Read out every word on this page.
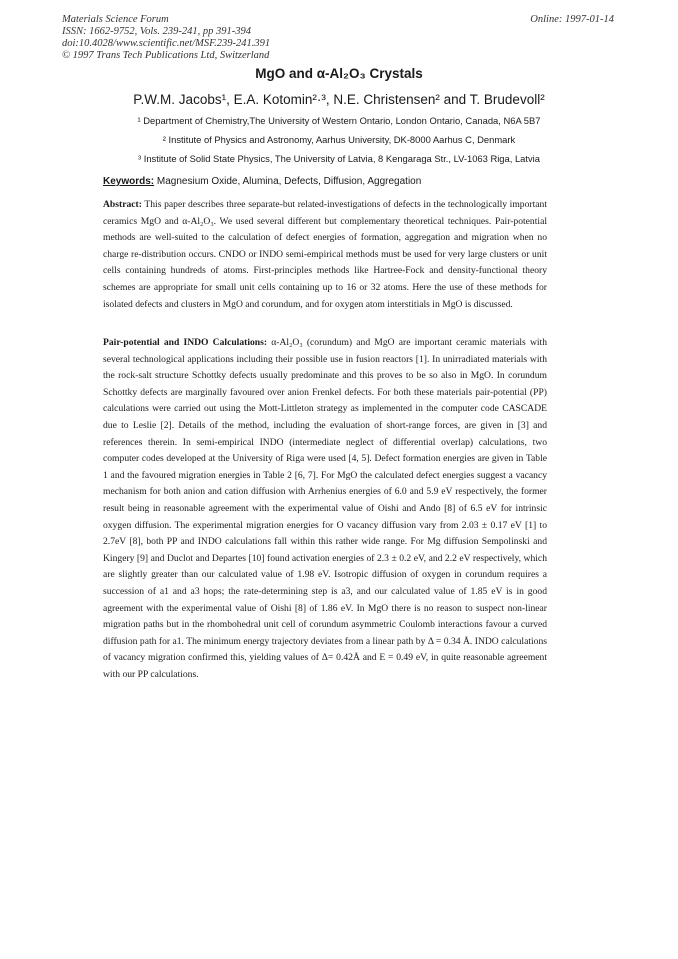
Materials Science Forum
ISSN: 1662-9752, Vols. 239-241, pp 391-394
doi:10.4028/www.scientific.net/MSF.239-241.391
© 1997 Trans Tech Publications Ltd, Switzerland
Online: 1997-01-14
MgO and α-Al₂O₃ Crystals
P.W.M. Jacobs¹, E.A. Kotomin²·³, N.E. Christensen² and T. Brudevoll²
¹ Department of Chemistry,The University of Western Ontario, London Ontario, Canada, N6A 5B7
² Institute of Physics and Astronomy, Aarhus University, DK-8000 Aarhus C, Denmark
³ Institute of Solid State Physics, The University of Latvia, 8 Kengaraga Str., LV-1063 Riga, Latvia
Keywords: Magnesium Oxide, Alumina, Defects, Diffusion, Aggregation
Abstract: This paper describes three separate-but related-investigations of defects in the technologically important ceramics MgO and α-Al₂O₃. We used several different but complementary theoretical techniques. Pair-potential methods are well-suited to the calculation of defect energies of formation, aggregation and migration when no charge re-distribution occurs. CNDO or INDO semi-empirical methods must be used for very large clusters or unit cells containing hundreds of atoms. First-principles methods like Hartree-Fock and density-functional theory schemes are appropriate for small unit cells containing up to 16 or 32 atoms. Here the use of these methods for isolated defects and clusters in MgO and corundum, and for oxygen atom interstitials in MgO is discussed.
Pair-potential and INDO Calculations: α-Al₂O₃ (corundum) and MgO are important ceramic materials with several technological applications including their possible use in fusion reactors [1]. In unirradiated materials with the rock-salt structure Schottky defects usually predominate and this proves to be so also in MgO. In corundum Schottky defects are marginally favoured over anion Frenkel defects. For both these materials pair-potential (PP) calculations were carried out using the Mott-Littleton strategy as implemented in the computer code CASCADE due to Leslie [2]. Details of the method, including the evaluation of short-range forces, are given in [3] and references therein. In semi-empirical INDO (intermediate neglect of differential overlap) calculations, two computer codes developed at the University of Riga were used [4, 5]. Defect formation energies are given in Table 1 and the favoured migration energies in Table 2 [6, 7]. For MgO the calculated defect energies suggest a vacancy mechanism for both anion and cation diffusion with Arrhenius energies of 6.0 and 5.9 eV respectively, the former result being in reasonable agreement with the experimental value of Oishi and Ando [8] of 6.5 eV for intrinsic oxygen diffusion. The experimental migration energies for O vacancy diffusion vary from 2.03 ± 0.17 eV [1] to 2.7eV [8], both PP and INDO calculations fall within this rather wide range. For Mg diffusion Sempolinski and Kingery [9] and Duclot and Departes [10] found activation energies of 2.3 ± 0.2 eV, and 2.2 eV respectively, which are slightly greater than our calculated value of 1.98 eV. Isotropic diffusion of oxygen in corundum requires a succession of a1 and a3 hops; the rate-determining step is a3, and our calculated value of 1.85 eV is in good agreement with the experimental value of Oishi [8] of 1.86 eV. In MgO there is no reason to suspect non-linear migration paths but in the rhombohedral unit cell of corundum asymmetric Coulomb interactions favour a curved diffusion path for a1. The minimum energy trajectory deviates from a linear path by Δ = 0.34 Å. INDO calculations of vacancy migration confirmed this, yielding values of Δ= 0.42Å and E = 0.49 eV, in quite reasonable agreement with our PP calculations.
